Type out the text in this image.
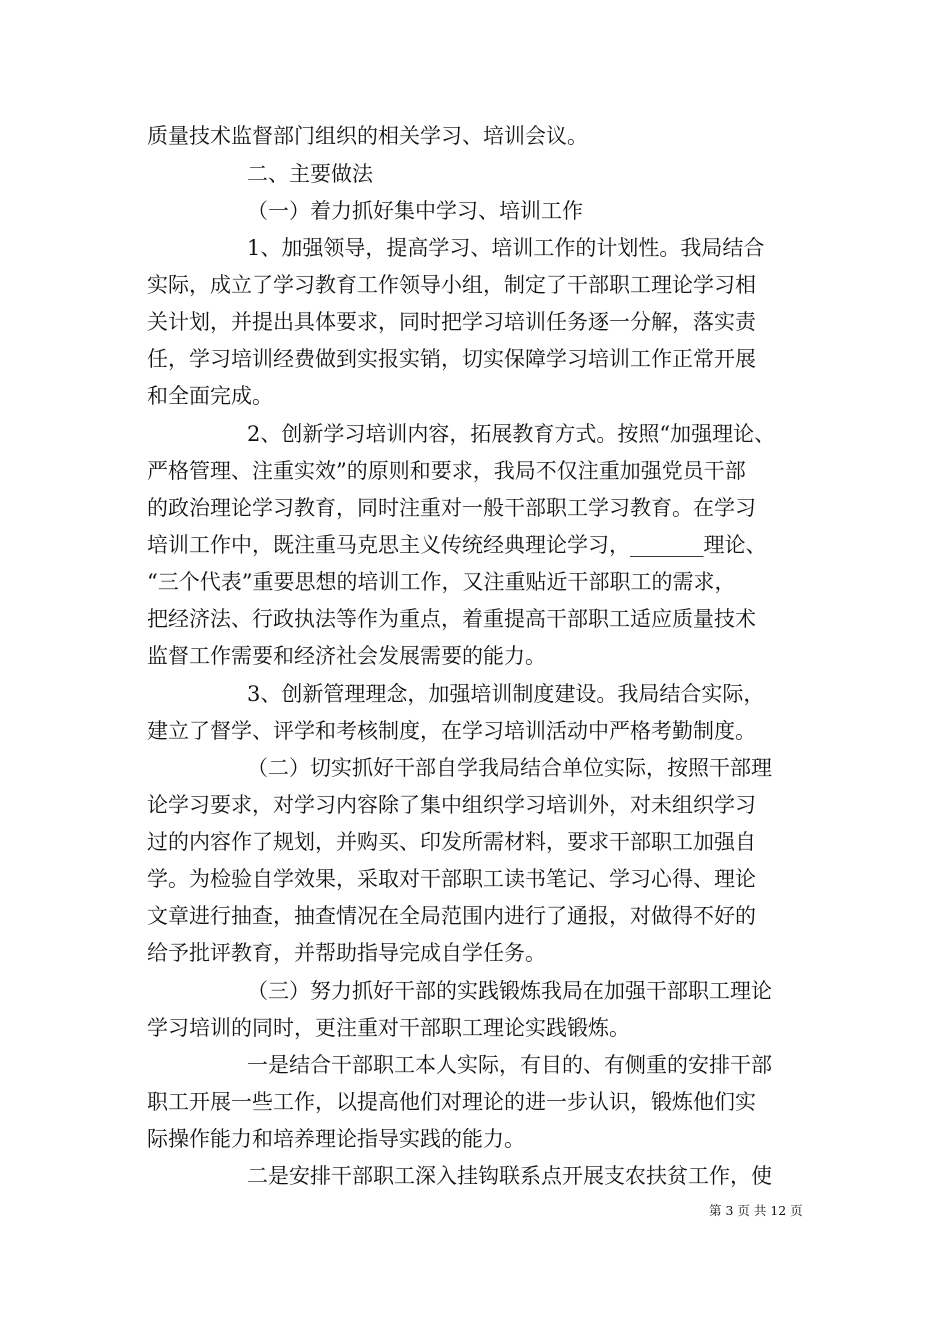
质量技术监督部门组织的相关学习、培训会议。
二、主要做法
（一）着力抓好集中学习、培训工作
1、加强领导，提高学习、培训工作的计划性。我局结合
实际，成立了学习教育工作领导小组，制定了干部职工理论学习相
关计划，并提出具体要求，同时把学习培训任务逐一分解，落实责
任，学习培训经费做到实报实销，切实保障学习培训工作正常开展
和全面完成。
2、创新学习培训内容，拓展教育方式。按照“加强理论、
严格管理、注重实效”的原则和要求，我局不仅注重加强党员干部
的政治理论学习教育，同时注重对一般干部职工学习教育。在学习
培训工作中，既注重马克思主义传统经典理论学习，_______理论、
“三个代表”重要思想的培训工作，又注重贴近干部职工的需求，
把经济法、行政执法等作为重点，着重提高干部职工适应质量技术
监督工作需要和经济社会发展需要的能力。
3、创新管理理念，加强培训制度建设。我局结合实际，
建立了督学、评学和考核制度，在学习培训活动中严格考勤制度。
（二）切实抓好干部自学我局结合单位实际，按照干部理
论学习要求，对学习内容除了集中组织学习培训外，对未组织学习
过的内容作了规划，并购买、印发所需材料，要求干部职工加强自
学。为检验自学效果，采取对干部职工读书笔记、学习心得、理论
文章进行抽查，抽查情况在全局范围内进行了通报，对做得不好的
给予批评教育，并帮助指导完成自学任务。
（三）努力抓好干部的实践锻炼我局在加强干部职工理论
学习培训的同时，更注重对干部职工理论实践锻炼。
一是结合干部职工本人实际，有目的、有侧重的安排干部
职工开展一些工作，以提高他们对理论的进一步认识，锻炼他们实
际操作能力和培养理论指导实践的能力。
二是安排干部职工深入挂钩联系点开展支农扶贫工作，使
第 3 页 共 12 页
